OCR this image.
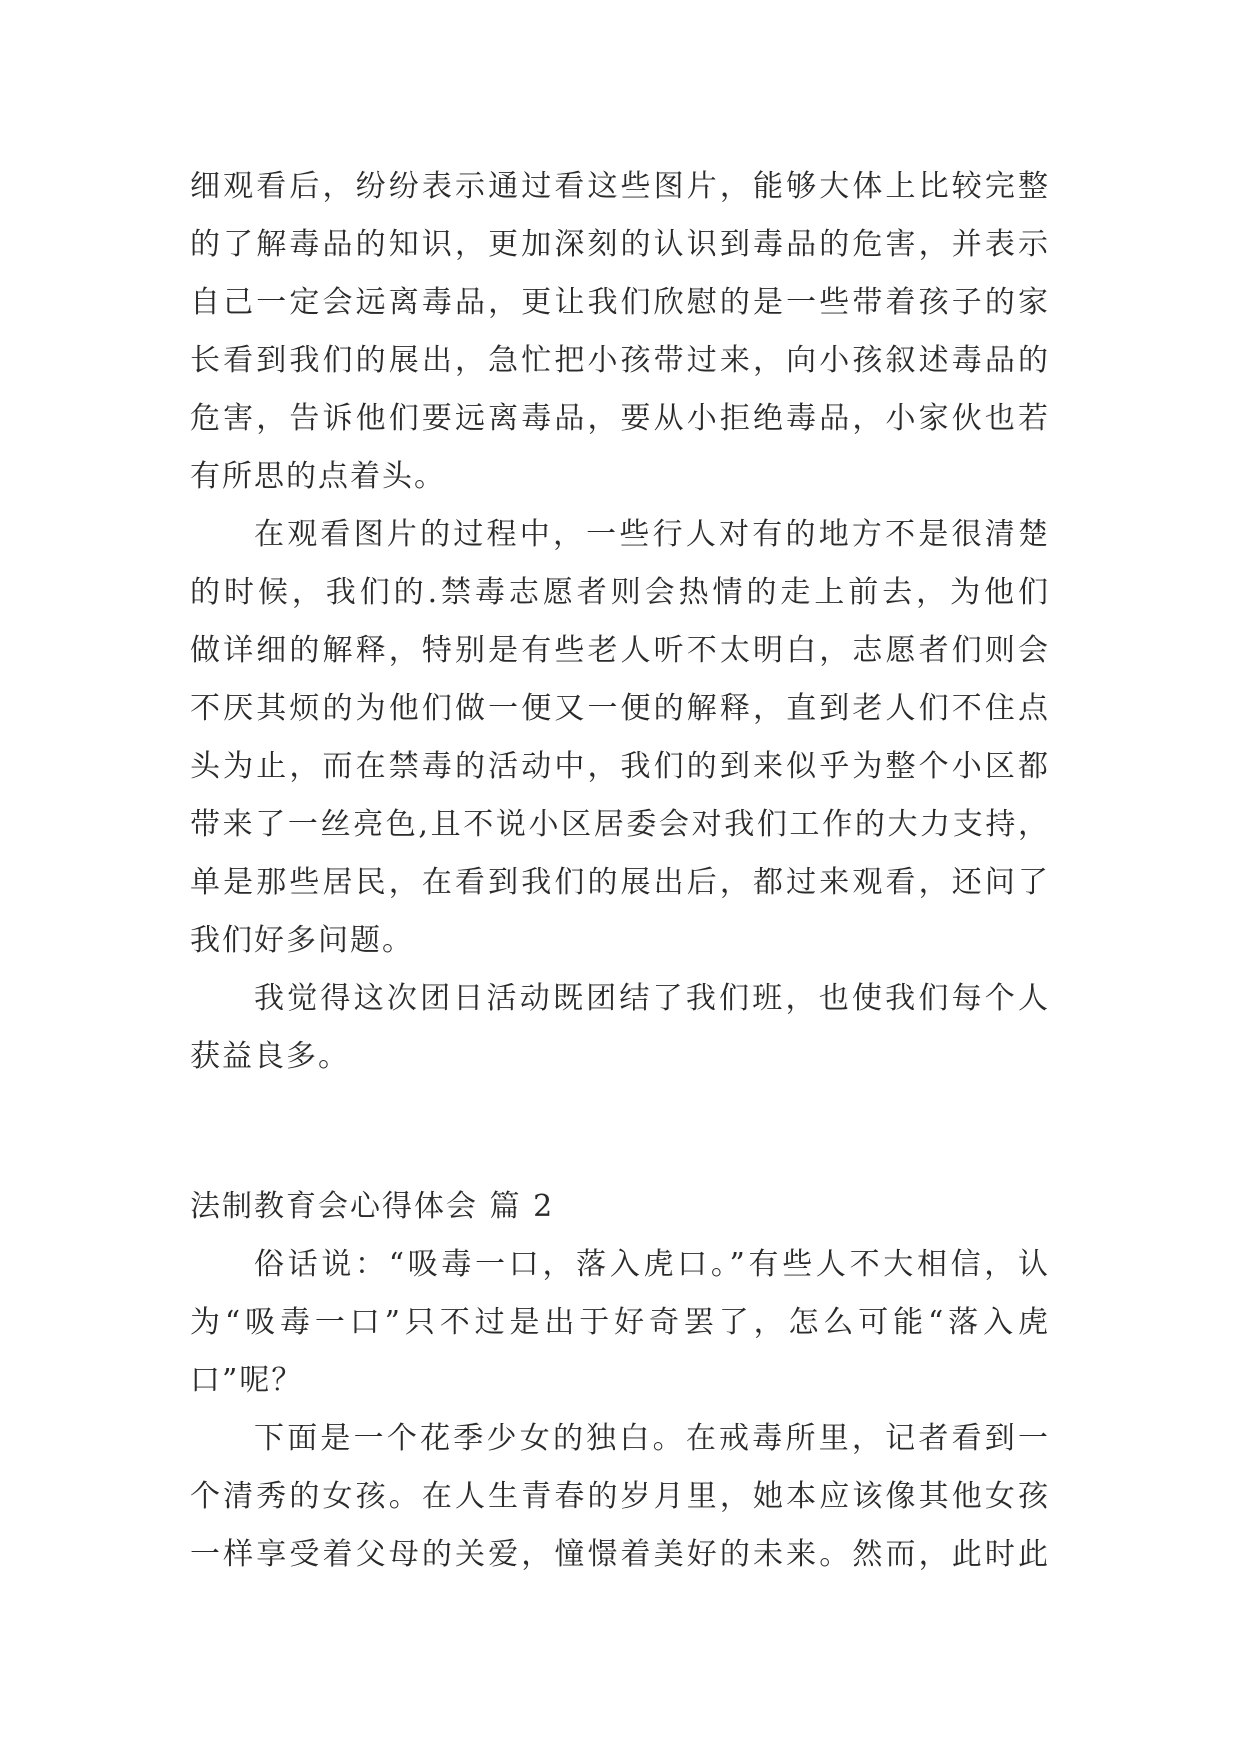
细观看后，纷纷表示通过看这些图片，能够大体上比较完整
的了解毒品的知识，更加深刻的认识到毒品的危害，并表示
自己一定会远离毒品，更让我们欣慰的是一些带着孩子的家
长看到我们的展出，急忙把小孩带过来，向小孩叙述毒品的
危害，告诉他们要远离毒品，要从小拒绝毒品，小家伙也若
有所思的点着头。
在观看图片的过程中，一些行人对有的地方不是很清楚
的时候，我们的.禁毒志愿者则会热情的走上前去，为他们
做详细的解释，特别是有些老人听不太明白，志愿者们则会
不厌其烦的为他们做一便又一便的解释，直到老人们不住点
头为止，而在禁毒的活动中，我们的到来似乎为整个小区都
带来了一丝亮色,且不说小区居委会对我们工作的大力支持，
单是那些居民，在看到我们的展出后，都过来观看，还问了
我们好多问题。
我觉得这次团日活动既团结了我们班，也使我们每个人
获益良多。
法制教育会心得体会 篇 2
俗话说：“吸毒一口，落入虎口。”有些人不大相信，认
为“吸毒一口”只不过是出于好奇罢了，怎么可能“落入虎
口”呢？
下面是一个花季少女的独白。在戒毒所里，记者看到一
个清秀的女孩。在人生青春的岁月里，她本应该像其他女孩
一样享受着父母的关爱，憧憬着美好的未来。然而，此时此
